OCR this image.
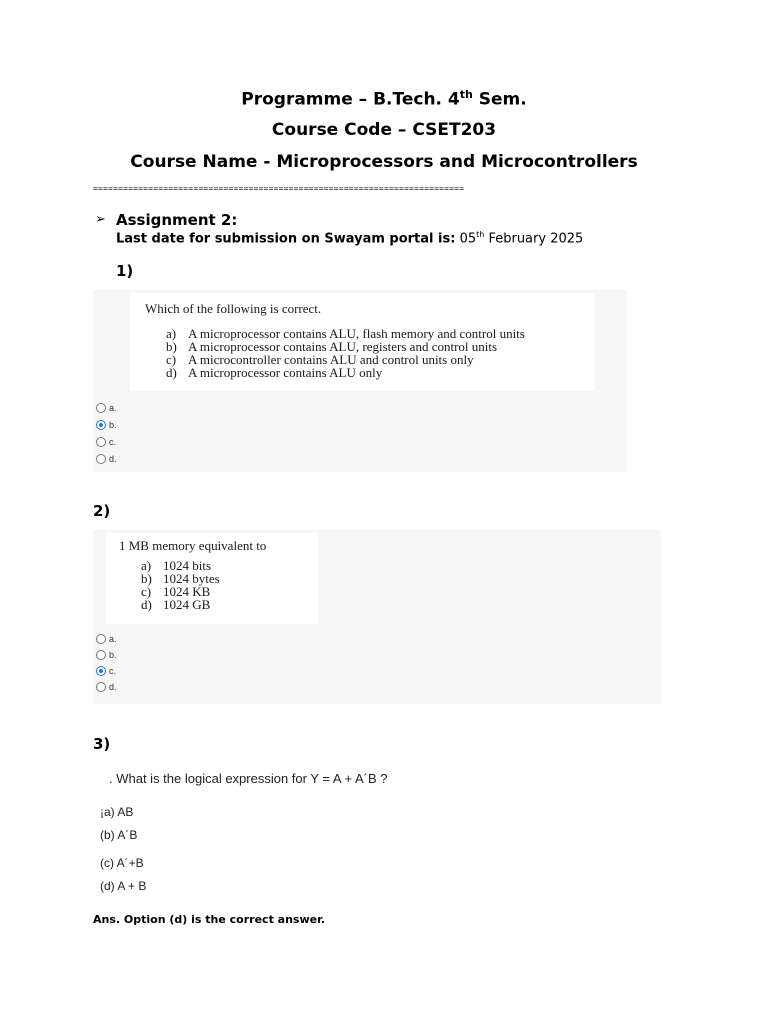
Programme – B.Tech. 4th Sem.
Course Code – CSET203
Course Name - Microprocessors and Microcontrollers
==========================================================================
➢ Assignment 2:
Last date for submission on Swayam portal is: 05th February 2025
1)
Which of the following is correct.
a) A microprocessor contains ALU, flash memory and control units
b) A microprocessor contains ALU, registers and control units
c) A microcontroller contains ALU and control units only
d) A microprocessor contains ALU only
a.
b.
c.
d.
2)
1 MB memory equivalent to
a) 1024 bits
b) 1024 bytes
c) 1024 KB
d) 1024 GB
a.
b.
c.
d.
3)
. What is the logical expression for Y = A + A´B ?
¡a) AB
(b) A´B
(c) A´+B
(d) A + B
Ans. Option (d) is the correct answer.
